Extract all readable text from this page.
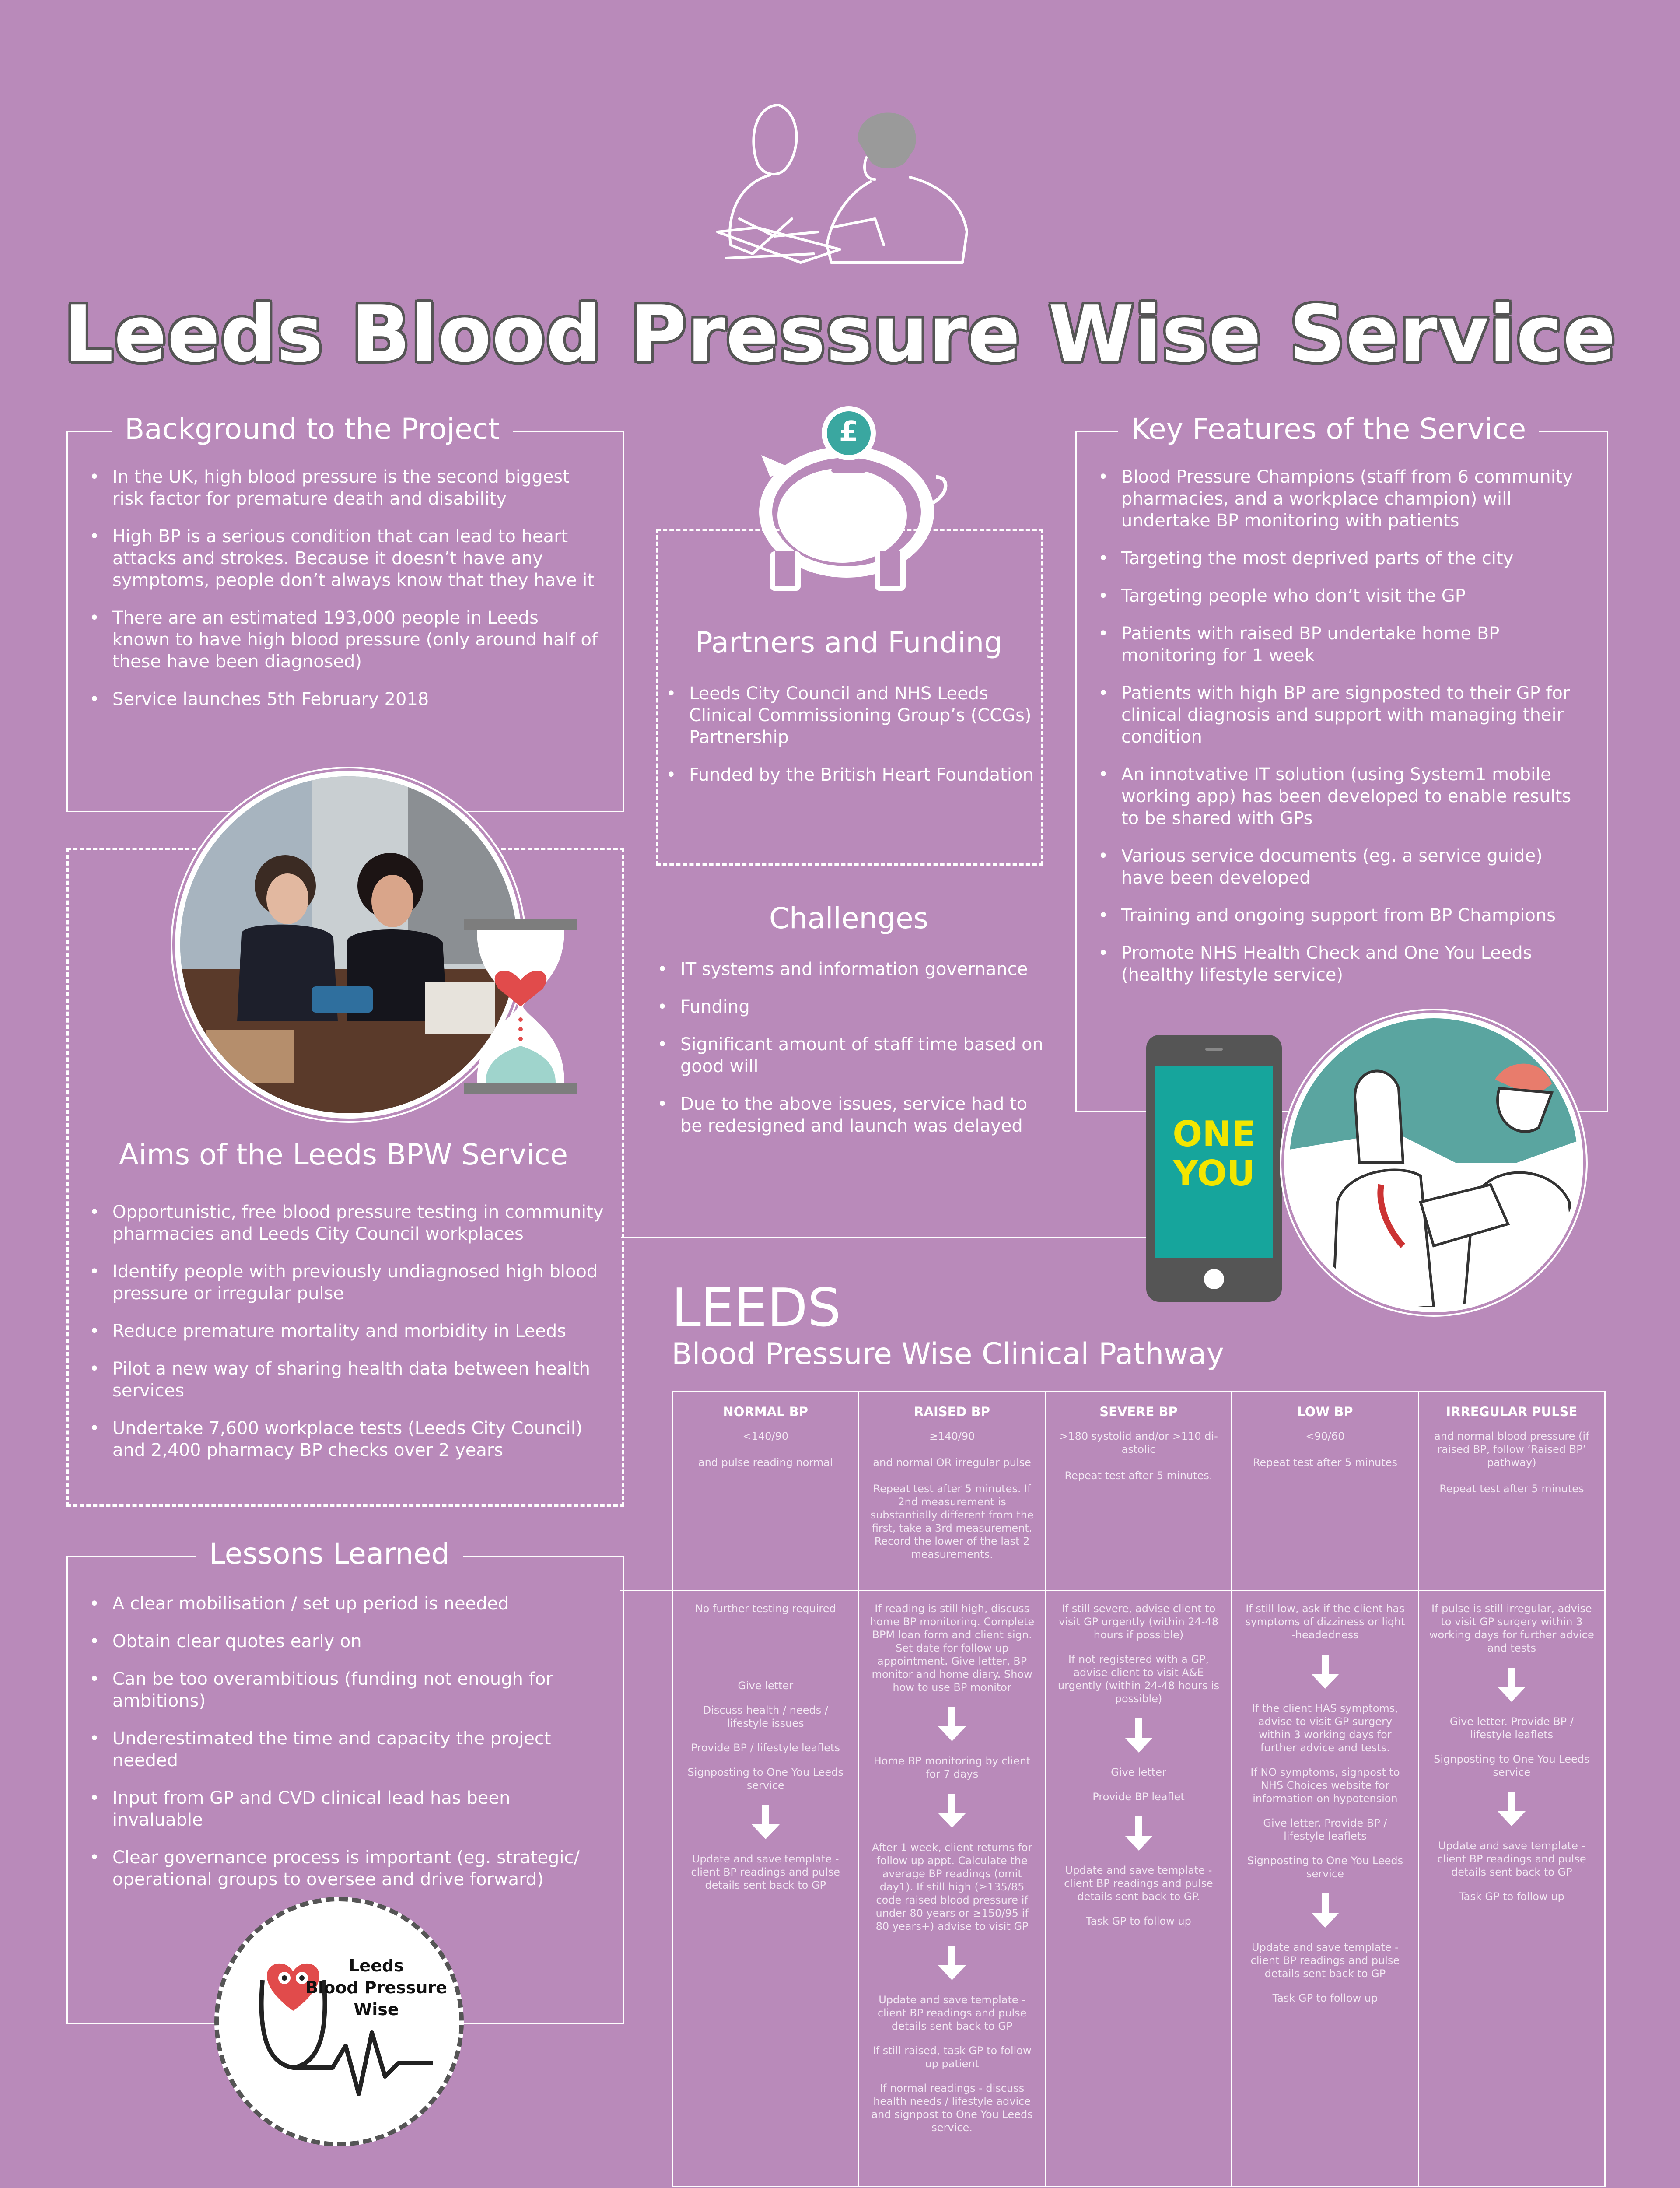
Leeds Blood Pressure Wise Service
Background to the Project
• In the UK, high blood pressure is the second biggest risk factor for premature death and disability
• High BP is a serious condition that can lead to heart attacks and strokes. Because it doesn’t have any symptoms, people don’t always know that they have it
• There are an estimated 193,000 people in Leeds known to have high blood pressure (only around half of these have been diagnosed)
• Service launches 5th February 2018
£
Partners and Funding
• Leeds City Council and NHS Leeds Clinical Commissioning Group’s (CCGs) Partnership
• Funded by the British Heart Foundation
Key Features of the Service
• Blood Pressure Champions (staff from 6 community pharmacies, and a workplace champion) will undertake BP monitoring with patients
• Targeting the most deprived parts of the city
• Targeting people who don’t visit the GP
• Patients with raised BP undertake home BP monitoring for 1 week
• Patients with high BP are signposted to their GP for clinical diagnosis and support with managing their condition
• An innotvative IT solution (using System1 mobile working app) has been developed to enable results to be shared with GPs
• Various service documents (eg. a service guide) have been developed
• Training and ongoing support from BP Champions
• Promote NHS Health Check and One You Leeds (healthy lifestyle service)
Aims of the Leeds BPW Service
• Opportunistic, free blood pressure testing in community pharmacies and Leeds City Council workplaces
• Identify people with previously undiagnosed high blood pressure or irregular pulse
• Reduce premature mortality and morbidity in Leeds
• Pilot a new way of sharing health data between health services
• Undertake 7,600 workplace tests (Leeds City Council) and 2,400 pharmacy BP checks over 2 years
Challenges
• IT systems and information governance
• Funding
• Significant amount of staff time based on good will
• Due to the above issues, service had to be redesigned and launch was delayed	ONE
YOU
LEEDS
Blood Pressure Wise Clinical Pathway
NORMAL BP
<140/90
and pulse reading normal
No further testing required
Give letter
Discuss health / needs / lifestyle issues
Provide BP / lifestyle leaflets
Signposting to One You Leeds service
Update and save template - client BP readings and pulse details sent back to GP
RAISED BP
≥140/90
and normal OR irregular pulse
Repeat test after 5 minutes. If 2nd measurement is substantially different from the first, take a 3rd measurement. Record the lower of the last 2 measurements.
If reading is still high, discuss home BP monitoring. Complete BPM loan form and client sign. Set date for follow up appointment. Give letter, BP monitor and home diary. Show how to use BP monitor
Home BP monitoring by client for 7 days
After 1 week, client returns for follow up appt. Calculate the average BP readings (omit day1). If still high (≥135/85 code raised blood pressure if under 80 years or ≥150/95 if 80 years+) advise to visit GP
Update and save template - client BP readings and pulse details sent back to GP
If still raised, task GP to follow up patient
If normal readings - discuss health needs / lifestyle advice and signpost to One You Leeds service.
SEVERE BP
>180 systolid and/or >110 di-astolic
Repeat test after 5 minutes.
If still severe, advise client to visit GP urgently (within 24-48 hours if possible)
If not registered with a GP, advise client to visit A&E urgently (within 24-48 hours is possible)
Give letter
Provide BP leaflet
Update and save template - client BP readings and pulse details sent back to GP.
Task GP to follow up
LOW BP
<90/60
Repeat test after 5 minutes
If still low, ask if the client has symptoms of dizziness or light -headedness
If the client HAS symptoms, advise to visit GP surgery within 3 working days for further advice and tests.
If NO symptoms, signpost to NHS Choices website for information on hypotension
Give letter. Provide BP / lifestyle leaflets
Signposting to One You Leeds service
Update and save template - client BP readings and pulse details sent back to GP
Task GP to follow up
IRREGULAR PULSE
and normal blood pressure (if raised BP, follow ‘Raised BP’ pathway)
Repeat test after 5 minutes
If pulse is still irregular, advise to visit GP surgery within 3 working days for further advice and tests
Give letter. Provide BP / lifestyle leaflets
Signposting to One You Leeds service
Update and save template - client BP readings and pulse details sent back to GP
Task GP to follow up
Lessons Learned
• A clear mobilisation / set up period is needed
• Obtain clear quotes early on
• Can be too overambitious (funding not enough for ambitions)
• Underestimated the time and capacity the project needed
• Input from GP and CVD clinical lead has been invaluable
• Clear governance process is important (eg. strategic/ operational groups to oversee and drive forward)
Leeds
Blood Pressure
Wise
